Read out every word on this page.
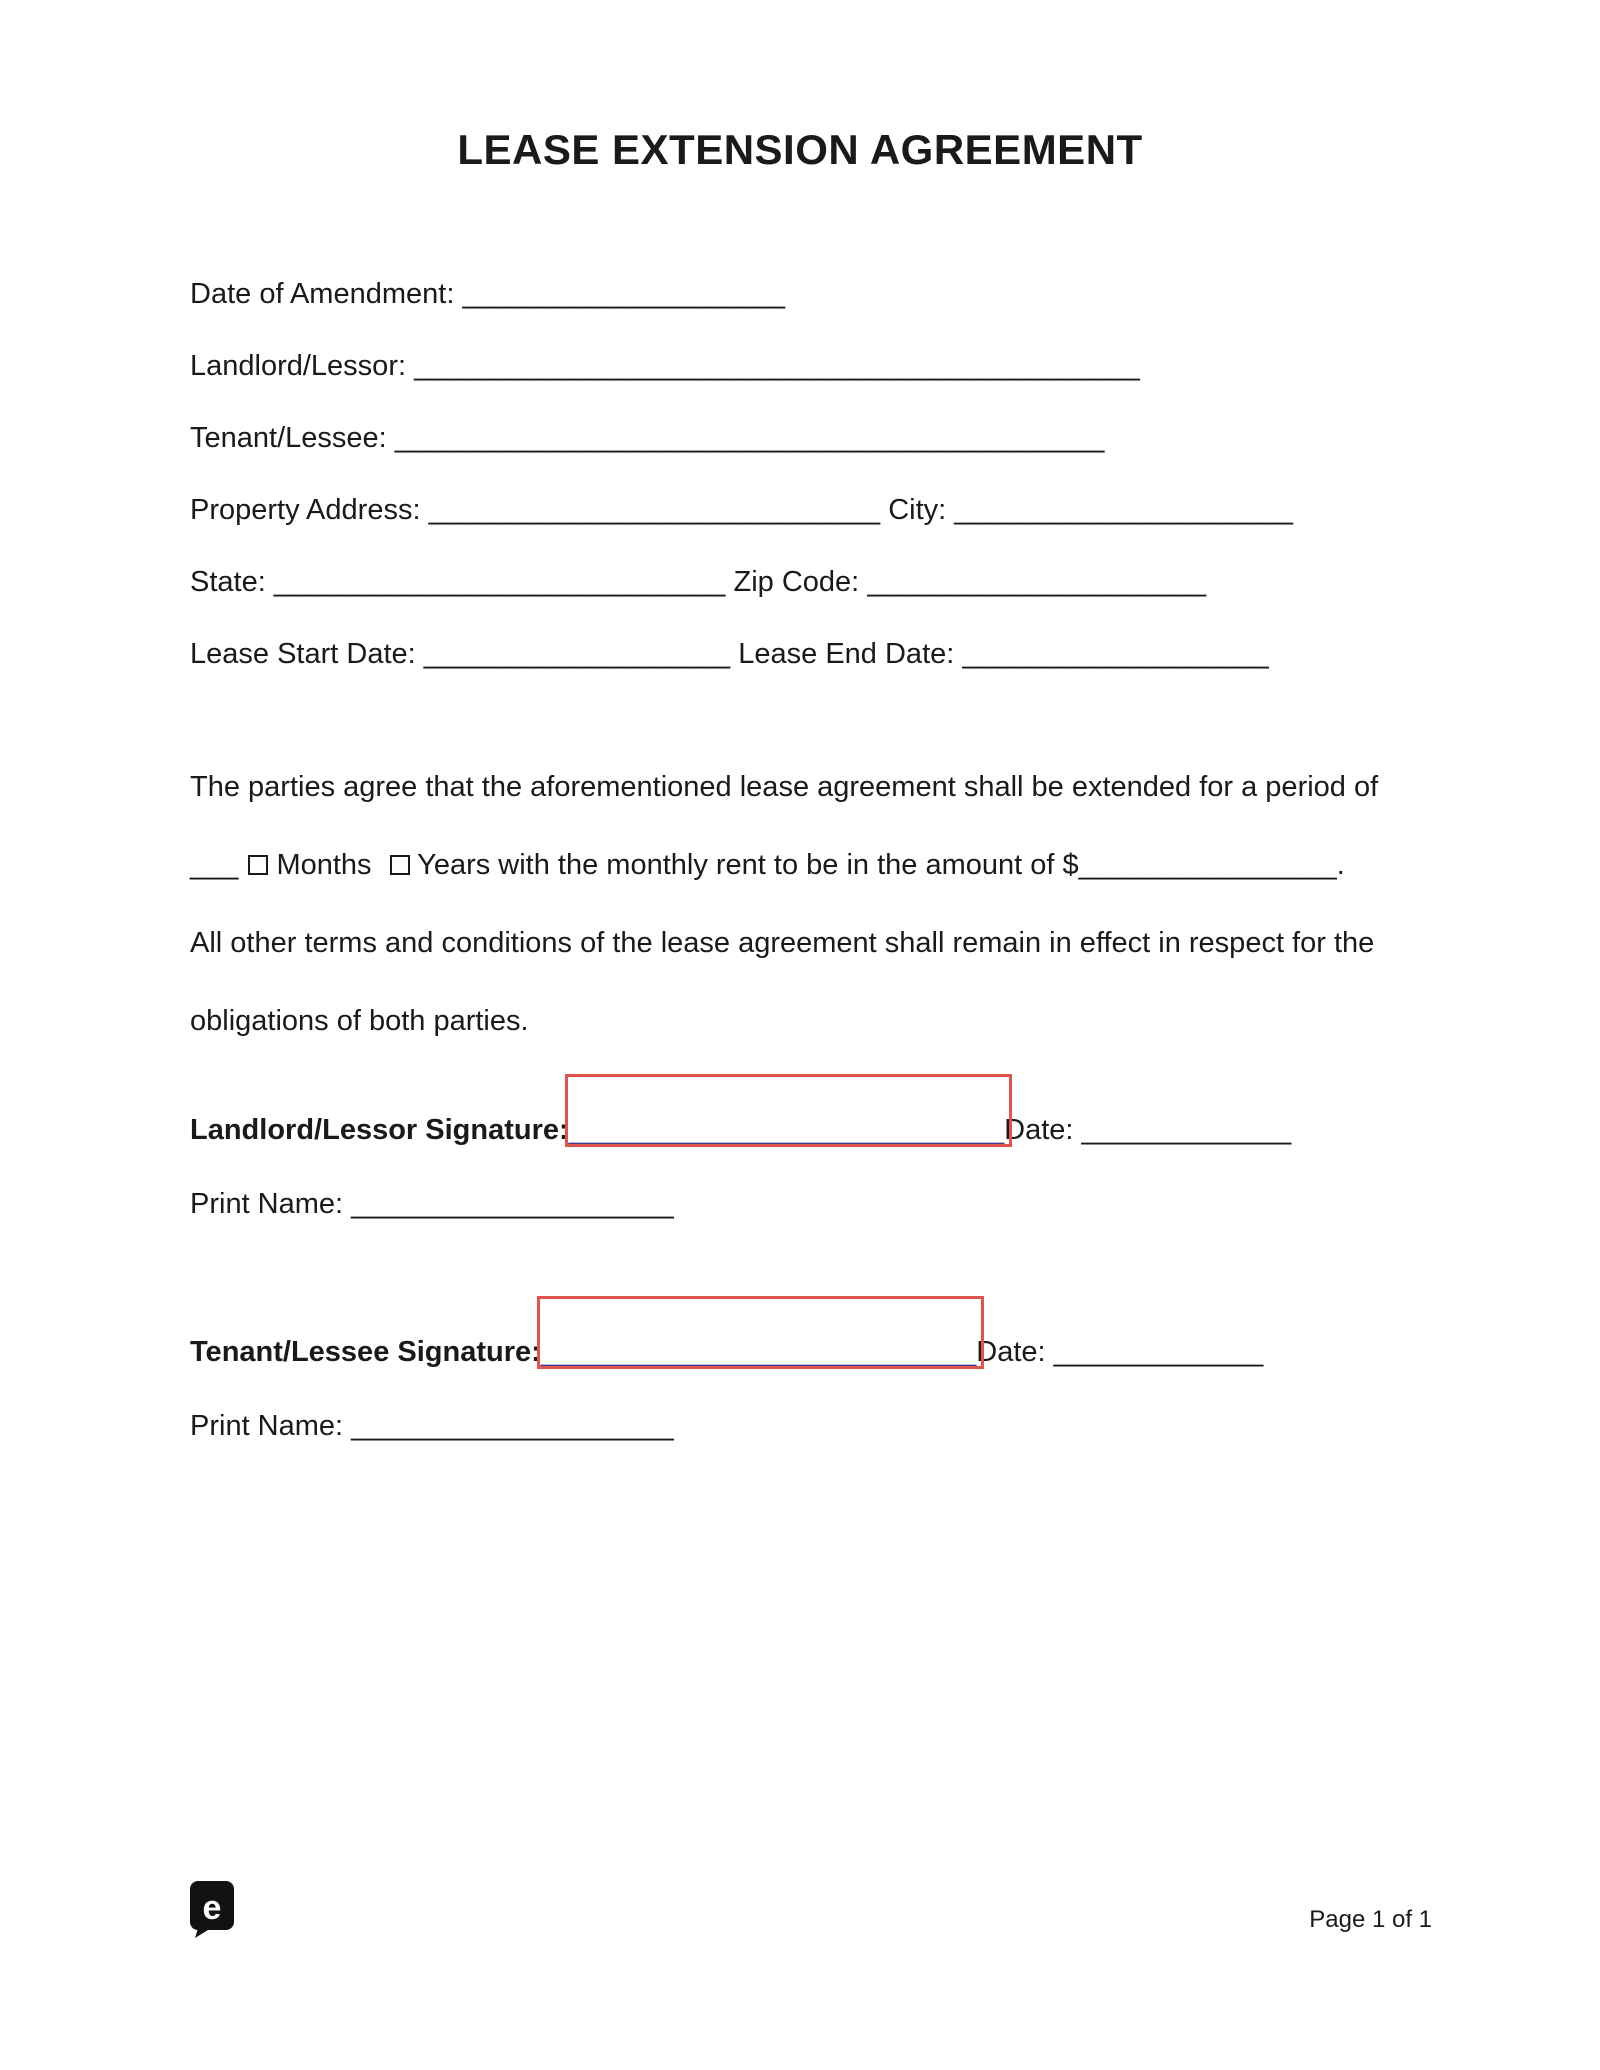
LEASE EXTENSION AGREEMENT
Date of Amendment: ____________________
Landlord/Lessor: _____________________________________________
Tenant/Lessee: ____________________________________________
Property Address: ____________________________ City: _____________________
State: ____________________________ Zip Code: _____________________
Lease Start Date: ___________________ Lease End Date: ___________________

The parties agree that the aforementioned lease agreement shall be extended for a period of ___ Months  Years with the monthly rent to be in the amount of $________________. All other terms and conditions of the lease agreement shall remain in effect in respect for the obligations of both parties.

Landlord/Lessor Signature:___________________________
Date: _____________
Print Name: ____________________
Tenant/Lessee Signature:___________________________
Date: _____________
Print Name: ____________________
e	Page 1 of 1
